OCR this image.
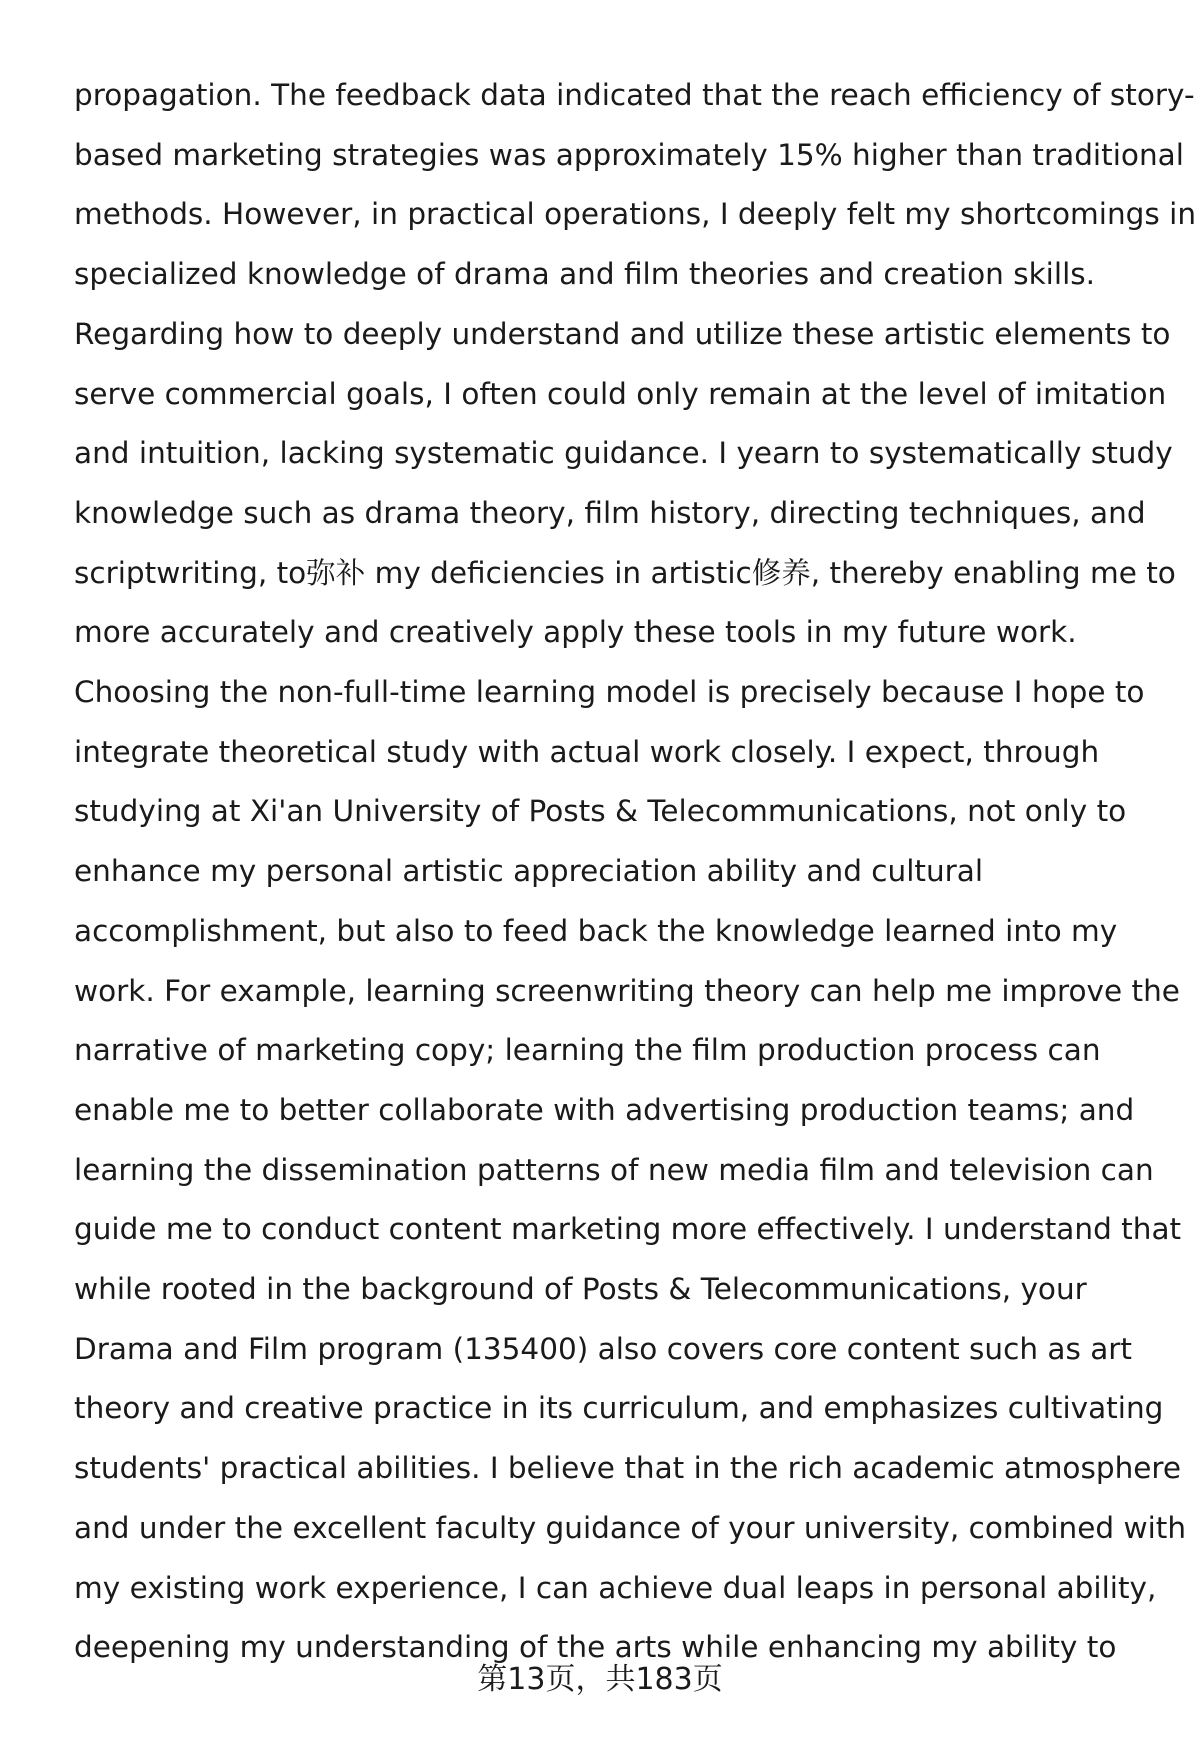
propagation. The feedback data indicated that the reach efficiency of story-
based marketing strategies was approximately 15% higher than traditional
methods. However, in practical operations, I deeply felt my shortcomings in
specialized knowledge of drama and film theories and creation skills.
Regarding how to deeply understand and utilize these artistic elements to
serve commercial goals, I often could only remain at the level of imitation
and intuition, lacking systematic guidance. I yearn to systematically study
knowledge such as drama theory, film history, directing techniques, and
scriptwriting, to弥补 my deficiencies in artistic修养, thereby enabling me to
more accurately and creatively apply these tools in my future work.
Choosing the non-full-time learning model is precisely because I hope to
integrate theoretical study with actual work closely. I expect, through
studying at Xi'an University of Posts & Telecommunications, not only to
enhance my personal artistic appreciation ability and cultural
accomplishment, but also to feed back the knowledge learned into my
work. For example, learning screenwriting theory can help me improve the
narrative of marketing copy; learning the film production process can
enable me to better collaborate with advertising production teams; and
learning the dissemination patterns of new media film and television can
guide me to conduct content marketing more effectively. I understand that
while rooted in the background of Posts & Telecommunications, your
Drama and Film program (135400) also covers core content such as art
theory and creative practice in its curriculum, and emphasizes cultivating
students' practical abilities. I believe that in the rich academic atmosphere
and under the excellent faculty guidance of your university, combined with
my existing work experience, I can achieve dual leaps in personal ability,
deepening my understanding of the arts while enhancing my ability to
第13页，共183页
